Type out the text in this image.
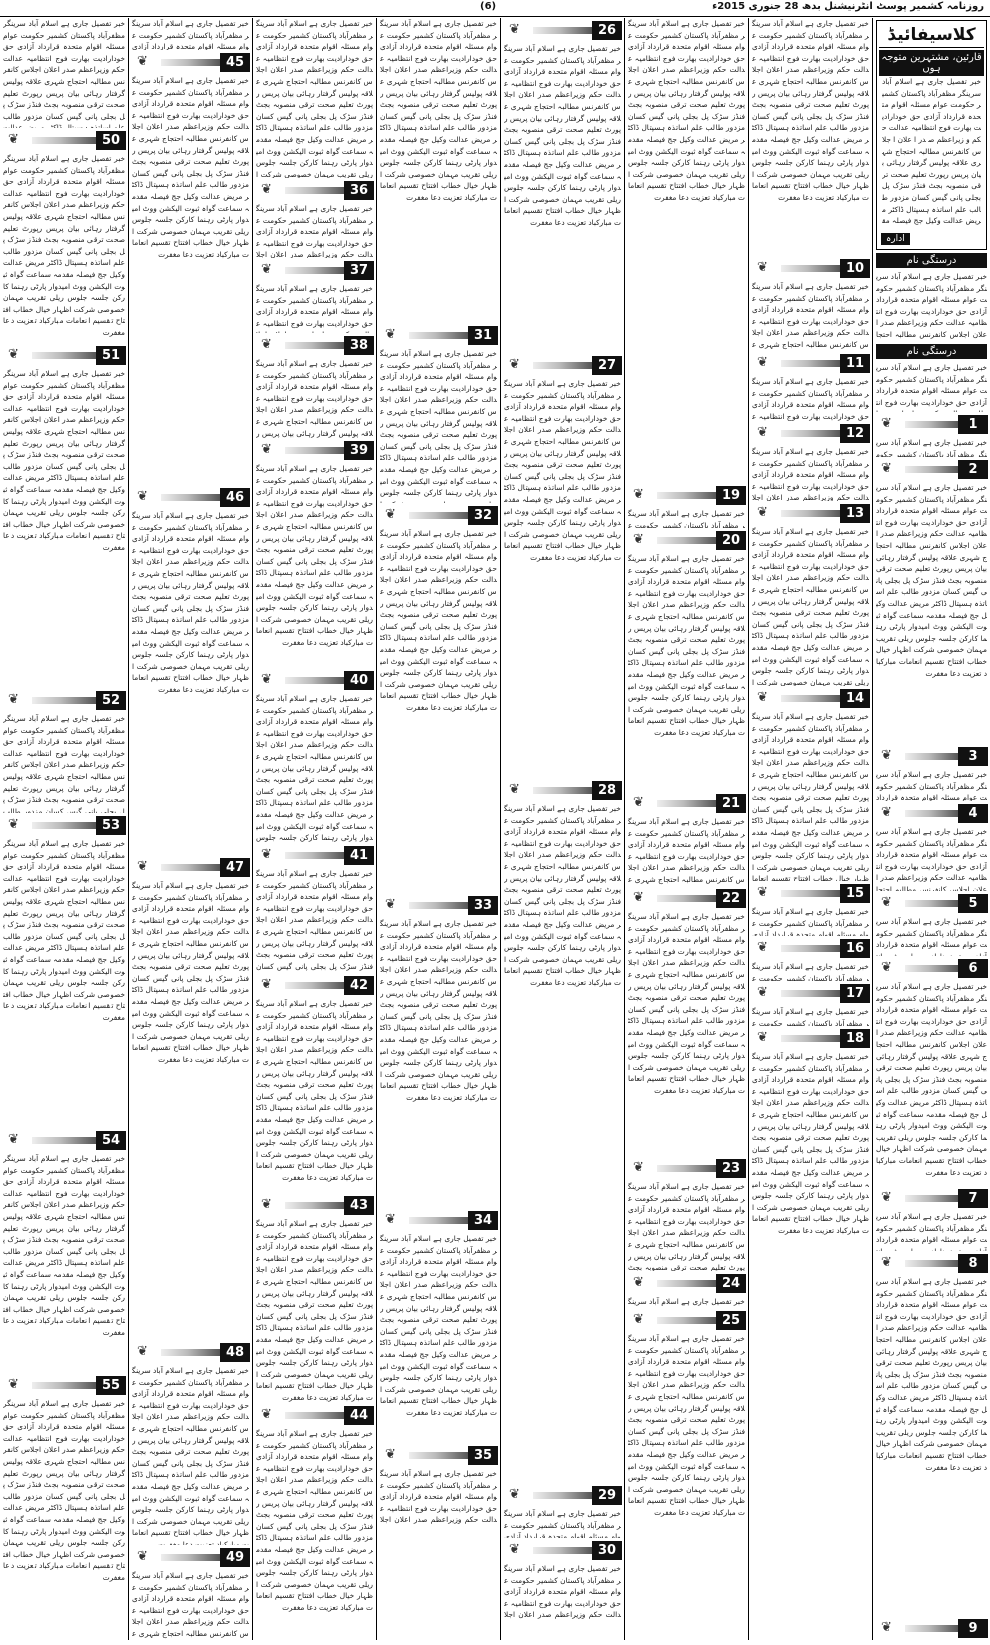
روزنامہ کشمیر پوسٹ انٹرنیشنل بدھ 28 جنوری 2015ء
(6)
کلاسیفائیڈ
قارئین، مشتہرین متوجہ ہوں
خبر تفصیل جاری ہے اسلام آباد سرینگر مظفرآباد پاکستان کشمیر حکومت عوام مسئلہ اقوام متحدہ قرارداد آزادی حق خودارادیت بھارت فوج انتظامیہ عدالت حکم وزیراعظم صدر اعلان اجلاس کانفرنس مطالبہ احتجاج شہری علاقہ پولیس گرفتار رہائی بیان پریس رپورٹ تعلیم صحت ترقی منصوبہ بجٹ فنڈز سڑک پل بجلی پانی گیس کسان مزدور طالب علم اساتذہ ہسپتال ڈاکٹر مریض عدالت وکیل جج فیصلہ مقدمہ سماعت گواہ ثبوت الیکشن ووٹ امیدوار پارٹی رہنما کارکن جلسہ جلوس ریلی تقریب مہمان خصوصی شرکت اظہار خیال خطاب افتتاح تقسیم انعامات مبارکباد تعزیت دعا مغفرت
ادارہ
درستگی نام
خبر تفصیل جاری ہے اسلام آباد سرینگر مظفرآباد پاکستان کشمیر حکومت عوام مسئلہ اقوام متحدہ قرارداد آزادی حق خودارادیت بھارت فوج انتظامیہ عدالت حکم وزیراعظم صدر اعلان اجلاس کانفرنس مطالبہ احتجاج شہری علاقہ پولیس گرفتار رہائی بیان پریس رپورٹ تعلیم صحت ترقی منصوبہ بجٹ فنڈز سڑک پل بجلی پانی گیس کسان مزدور طالب علم اساتذہ ہسپتال ڈاکٹر مریض عدالت وکیل جج فیصلہ مقدمہ سماعت گواہ ثبوت الیکشن ووٹ امیدوار پارٹی رہنما کارکن جلسہ جلوس ریلی تقریب مہمان خصوصی شرکت اظہار خیال خطاب افتتاح تقسیم انعامات مبارکباد تعزیت دعا مغفرت
درستگی نام
خبر تفصیل جاری ہے اسلام آباد سرینگر مظفرآباد پاکستان کشمیر حکومت عوام مسئلہ اقوام متحدہ قرارداد آزادی حق خودارادیت بھارت فوج انتظامیہ عدالت حکم وزیراعظم صدر اعلان اجلاس کانفرنس مطالبہ احتجاج شہری علاقہ پولیس گرفتار رہائی بیان پریس رپورٹ تعلیم صحت ترقی منصوبہ بجٹ فنڈز سڑک پل بجلی پانی گیس کسان مزدور طالب علم اساتذہ ہسپتال ڈاکٹر مریض عدالت وکیل جج فیصلہ مقدمہ سماعت گواہ ثبوت الیکشن ووٹ امیدوار پارٹی رہنما کارکن جلسہ جلوس ریلی تقریب مہمان خصوصی شرکت اظہار خیال خطاب افتتاح تقسیم انعامات مبارکباد تعزیت دعا مغفرت
1
❦
خبر تفصیل جاری ہے اسلام آباد سرینگر مظفرآباد پاکستان کشمیر حکومت عوام مسئلہ اقوام متحدہ قرارداد آزادی حق خودارادیت بھارت فوج انتظامیہ عدالت حکم وزیراعظم صدر اعلان اجلاس کانفرنس مطالبہ احتجاج شہری علاقہ پولیس گرفتار رہائی بیان پریس رپورٹ تعلیم صحت ترقی منصوبہ بجٹ فنڈز سڑک پل بجلی پانی گیس کسان مزدور طالب علم اساتذہ ہسپتال ڈاکٹر مریض عدالت وکیل جج فیصلہ مقدمہ سماعت گواہ ثبوت الیکشن ووٹ امیدوار پارٹی رہنما کارکن جلسہ جلوس ریلی تقریب مہمان خصوصی شرکت اظہار خیال خطاب افتتاح تقسیم انعامات مبارکباد تعزیت دعا مغفرت
2
❦
خبر تفصیل جاری ہے اسلام آباد سرینگر مظفرآباد پاکستان کشمیر حکومت عوام مسئلہ اقوام متحدہ قرارداد آزادی حق خودارادیت بھارت فوج انتظامیہ عدالت حکم وزیراعظم صدر اعلان اجلاس کانفرنس مطالبہ احتجاج شہری علاقہ پولیس گرفتار رہائی بیان پریس رپورٹ تعلیم صحت ترقی منصوبہ بجٹ فنڈز سڑک پل بجلی پانی گیس کسان مزدور طالب علم اساتذہ ہسپتال ڈاکٹر مریض عدالت وکیل جج فیصلہ مقدمہ سماعت گواہ ثبوت الیکشن ووٹ امیدوار پارٹی رہنما کارکن جلسہ جلوس ریلی تقریب مہمان خصوصی شرکت اظہار خیال خطاب افتتاح تقسیم انعامات مبارکباد تعزیت دعا مغفرت
3
❦
خبر تفصیل جاری ہے اسلام آباد سرینگر مظفرآباد پاکستان کشمیر حکومت عوام مسئلہ اقوام متحدہ قرارداد آزادی حق خودارادیت بھارت فوج انتظامیہ عدالت حکم وزیراعظم صدر اعلان اجلاس کانفرنس مطالبہ احتجاج شہری علاقہ پولیس گرفتار رہائی بیان پریس رپورٹ تعلیم صحت ترقی منصوبہ بجٹ فنڈز سڑک پل بجلی پانی گیس کسان مزدور طالب علم اساتذہ ہسپتال ڈاکٹر مریض عدالت وکیل جج فیصلہ مقدمہ سماعت گواہ ثبوت الیکشن ووٹ امیدوار پارٹی رہنما کارکن جلسہ جلوس ریلی تقریب مہمان خصوصی شرکت اظہار خیال خطاب افتتاح تقسیم انعامات مبارکباد تعزیت دعا مغفرت
4
❦
خبر تفصیل جاری ہے اسلام آباد سرینگر مظفرآباد پاکستان کشمیر حکومت عوام مسئلہ اقوام متحدہ قرارداد آزادی حق خودارادیت بھارت فوج انتظامیہ عدالت حکم وزیراعظم صدر اعلان اجلاس کانفرنس مطالبہ احتجاج شہری علاقہ پولیس گرفتار رہائی بیان پریس رپورٹ تعلیم صحت ترقی منصوبہ بجٹ فنڈز سڑک پل بجلی پانی گیس کسان مزدور طالب علم اساتذہ ہسپتال ڈاکٹر مریض عدالت وکیل جج فیصلہ مقدمہ سماعت گواہ ثبوت الیکشن ووٹ امیدوار پارٹی رہنما کارکن جلسہ جلوس ریلی تقریب مہمان خصوصی شرکت اظہار خیال خطاب افتتاح تقسیم انعامات مبارکباد تعزیت دعا مغفرت
5
❦
خبر تفصیل جاری ہے اسلام آباد سرینگر مظفرآباد پاکستان کشمیر حکومت عوام مسئلہ اقوام متحدہ قرارداد آزادی حق خودارادیت بھارت فوج انتظامیہ عدالت حکم وزیراعظم صدر اعلان اجلاس کانفرنس مطالبہ احتجاج شہری علاقہ پولیس گرفتار رہائی بیان پریس رپورٹ تعلیم صحت ترقی منصوبہ بجٹ فنڈز سڑک پل بجلی پانی گیس کسان مزدور طالب علم اساتذہ ہسپتال ڈاکٹر مریض عدالت وکیل جج فیصلہ مقدمہ سماعت گواہ ثبوت الیکشن ووٹ امیدوار پارٹی رہنما کارکن جلسہ جلوس ریلی تقریب مہمان خصوصی شرکت اظہار خیال خطاب افتتاح تقسیم انعامات مبارکباد تعزیت دعا مغفرت
6
❦
خبر تفصیل جاری ہے اسلام آباد سرینگر مظفرآباد پاکستان کشمیر حکومت عوام مسئلہ اقوام متحدہ قرارداد آزادی حق خودارادیت بھارت فوج انتظامیہ عدالت حکم وزیراعظم صدر اعلان اجلاس کانفرنس مطالبہ احتجاج شہری علاقہ پولیس گرفتار رہائی بیان پریس رپورٹ تعلیم صحت ترقی منصوبہ بجٹ فنڈز سڑک پل بجلی پانی گیس کسان مزدور طالب علم اساتذہ ہسپتال ڈاکٹر مریض عدالت وکیل جج فیصلہ مقدمہ سماعت گواہ ثبوت الیکشن ووٹ امیدوار پارٹی رہنما کارکن جلسہ جلوس ریلی تقریب مہمان خصوصی شرکت اظہار خیال خطاب افتتاح تقسیم انعامات مبارکباد تعزیت دعا مغفرت
7
❦
خبر تفصیل جاری ہے اسلام آباد سرینگر مظفرآباد پاکستان کشمیر حکومت عوام مسئلہ اقوام متحدہ قرارداد آزادی حق خودارادیت بھارت فوج انتظامیہ عدالت حکم وزیراعظم صدر اعلان اجلاس کانفرنس مطالبہ احتجاج شہری علاقہ پولیس گرفتار رہائی بیان پریس رپورٹ تعلیم صحت ترقی منصوبہ بجٹ فنڈز سڑک پل بجلی پانی گیس کسان مزدور طالب علم اساتذہ ہسپتال ڈاکٹر مریض عدالت وکیل جج فیصلہ مقدمہ سماعت گواہ ثبوت الیکشن ووٹ امیدوار پارٹی رہنما کارکن جلسہ جلوس ریلی تقریب مہمان خصوصی شرکت اظہار خیال خطاب افتتاح تقسیم انعامات مبارکباد تعزیت دعا مغفرت
8
❦
خبر تفصیل جاری ہے اسلام آباد سرینگر مظفرآباد پاکستان کشمیر حکومت عوام مسئلہ اقوام متحدہ قرارداد آزادی حق خودارادیت بھارت فوج انتظامیہ عدالت حکم وزیراعظم صدر اعلان اجلاس کانفرنس مطالبہ احتجاج شہری علاقہ پولیس گرفتار رہائی بیان پریس رپورٹ تعلیم صحت ترقی منصوبہ بجٹ فنڈز سڑک پل بجلی پانی گیس کسان مزدور طالب علم اساتذہ ہسپتال ڈاکٹر مریض عدالت وکیل جج فیصلہ مقدمہ سماعت گواہ ثبوت الیکشن ووٹ امیدوار پارٹی رہنما کارکن جلسہ جلوس ریلی تقریب مہمان خصوصی شرکت اظہار خیال خطاب افتتاح تقسیم انعامات مبارکباد تعزیت دعا مغفرت
9
❦
خبر تفصیل جاری ہے اسلام آباد سرینگر مظفرآباد پاکستان کشمیر حکومت عوام مسئلہ اقوام متحدہ قرارداد آزادی حق خودارادیت بھارت فوج انتظامیہ عدالت حکم وزیراعظم صدر اعلان اجلاس کانفرنس مطالبہ احتجاج شہری علاقہ پولیس گرفتار رہائی بیان پریس رپورٹ تعلیم صحت ترقی منصوبہ بجٹ فنڈز سڑک پل بجلی پانی گیس کسان مزدور طالب علم اساتذہ ہسپتال ڈاکٹر مریض عدالت وکیل جج فیصلہ مقدمہ سماعت گواہ ثبوت الیکشن ووٹ امیدوار پارٹی رہنما کارکن جلسہ جلوس ریلی تقریب مہمان خصوصی شرکت اظہار خیال خطاب افتتاح تقسیم انعامات مبارکباد تعزیت دعا مغفرت
10
❦
خبر تفصیل جاری ہے اسلام آباد سرینگر مظفرآباد پاکستان کشمیر حکومت عوام مسئلہ اقوام متحدہ قرارداد آزادی حق خودارادیت بھارت فوج انتظامیہ عدالت حکم وزیراعظم صدر اعلان اجلاس کانفرنس مطالبہ احتجاج شہری علاقہ پولیس گرفتار رہائی بیان پریس رپورٹ تعلیم صحت ترقی منصوبہ بجٹ فنڈز سڑک پل بجلی پانی گیس کسان مزدور طالب علم اساتذہ ہسپتال ڈاکٹر مریض عدالت وکیل جج فیصلہ مقدمہ سماعت گواہ ثبوت الیکشن ووٹ امیدوار پارٹی رہنما کارکن جلسہ جلوس ریلی تقریب مہمان خصوصی شرکت اظہار خیال خطاب افتتاح تقسیم انعامات مبارکباد تعزیت دعا مغفرت
11
❦
خبر تفصیل جاری ہے اسلام آباد سرینگر مظفرآباد پاکستان کشمیر حکومت عوام مسئلہ اقوام متحدہ قرارداد آزادی حق خودارادیت بھارت فوج انتظامیہ عدالت حکم وزیراعظم صدر اعلان اجلاس کانفرنس مطالبہ احتجاج شہری علاقہ پولیس گرفتار رہائی بیان پریس رپورٹ تعلیم صحت ترقی منصوبہ بجٹ فنڈز سڑک پل بجلی پانی گیس کسان مزدور طالب علم اساتذہ ہسپتال ڈاکٹر مریض عدالت وکیل جج فیصلہ مقدمہ سماعت گواہ ثبوت الیکشن ووٹ امیدوار پارٹی رہنما کارکن جلسہ جلوس ریلی تقریب مہمان خصوصی شرکت اظہار خیال خطاب افتتاح تقسیم انعامات مبارکباد تعزیت دعا مغفرت
12
❦
خبر تفصیل جاری ہے اسلام آباد سرینگر مظفرآباد پاکستان کشمیر حکومت عوام مسئلہ اقوام متحدہ قرارداد آزادی حق خودارادیت بھارت فوج انتظامیہ عدالت حکم وزیراعظم صدر اعلان اجلاس کانفرنس مطالبہ احتجاج شہری علاقہ پولیس گرفتار رہائی بیان پریس رپورٹ تعلیم صحت ترقی منصوبہ بجٹ فنڈز سڑک پل بجلی پانی گیس کسان مزدور طالب علم اساتذہ ہسپتال ڈاکٹر مریض عدالت وکیل جج فیصلہ مقدمہ سماعت گواہ ثبوت الیکشن ووٹ امیدوار پارٹی رہنما کارکن جلسہ جلوس ریلی تقریب مہمان خصوصی شرکت اظہار خیال خطاب افتتاح تقسیم انعامات مبارکباد تعزیت دعا مغفرت
13
❦
خبر تفصیل جاری ہے اسلام آباد سرینگر مظفرآباد پاکستان کشمیر حکومت عوام مسئلہ اقوام متحدہ قرارداد آزادی حق خودارادیت بھارت فوج انتظامیہ عدالت حکم وزیراعظم صدر اعلان اجلاس کانفرنس مطالبہ احتجاج شہری علاقہ پولیس گرفتار رہائی بیان پریس رپورٹ تعلیم صحت ترقی منصوبہ بجٹ فنڈز سڑک پل بجلی پانی گیس کسان مزدور طالب علم اساتذہ ہسپتال ڈاکٹر مریض عدالت وکیل جج فیصلہ مقدمہ سماعت گواہ ثبوت الیکشن ووٹ امیدوار پارٹی رہنما کارکن جلسہ جلوس ریلی تقریب مہمان خصوصی شرکت اظہار خیال خطاب افتتاح تقسیم انعامات مبارکباد تعزیت دعا مغفرت
14
❦
خبر تفصیل جاری ہے اسلام آباد سرینگر مظفرآباد پاکستان کشمیر حکومت عوام مسئلہ اقوام متحدہ قرارداد آزادی حق خودارادیت بھارت فوج انتظامیہ عدالت حکم وزیراعظم صدر اعلان اجلاس کانفرنس مطالبہ احتجاج شہری علاقہ پولیس گرفتار رہائی بیان پریس رپورٹ تعلیم صحت ترقی منصوبہ بجٹ فنڈز سڑک پل بجلی پانی گیس کسان مزدور طالب علم اساتذہ ہسپتال ڈاکٹر مریض عدالت وکیل جج فیصلہ مقدمہ سماعت گواہ ثبوت الیکشن ووٹ امیدوار پارٹی رہنما کارکن جلسہ جلوس ریلی تقریب مہمان خصوصی شرکت اظہار خیال خطاب افتتاح تقسیم انعامات مبارکباد تعزیت دعا مغفرت
15
❦
خبر تفصیل جاری ہے اسلام آباد سرینگر مظفرآباد پاکستان کشمیر حکومت عوام مسئلہ اقوام متحدہ قرارداد آزادی حق خودارادیت بھارت فوج انتظامیہ عدالت حکم وزیراعظم صدر اعلان اجلاس کانفرنس مطالبہ احتجاج شہری علاقہ پولیس گرفتار رہائی بیان پریس رپورٹ تعلیم صحت ترقی منصوبہ بجٹ فنڈز سڑک پل بجلی پانی گیس کسان مزدور طالب علم اساتذہ ہسپتال ڈاکٹر مریض عدالت وکیل جج فیصلہ مقدمہ سماعت گواہ ثبوت الیکشن ووٹ امیدوار پارٹی رہنما کارکن جلسہ جلوس ریلی تقریب مہمان خصوصی شرکت اظہار خیال خطاب افتتاح تقسیم انعامات مبارکباد تعزیت دعا مغفرت
16
❦
خبر تفصیل جاری ہے اسلام آباد سرینگر مظفرآباد پاکستان کشمیر حکومت عوام مسئلہ اقوام متحدہ قرارداد آزادی حق خودارادیت بھارت فوج انتظامیہ عدالت حکم وزیراعظم صدر اعلان اجلاس کانفرنس مطالبہ احتجاج شہری علاقہ پولیس گرفتار رہائی بیان پریس رپورٹ تعلیم صحت ترقی منصوبہ بجٹ فنڈز سڑک پل بجلی پانی گیس کسان مزدور طالب علم اساتذہ ہسپتال ڈاکٹر مریض عدالت وکیل جج فیصلہ مقدمہ سماعت گواہ ثبوت الیکشن ووٹ امیدوار پارٹی رہنما کارکن جلسہ جلوس ریلی تقریب مہمان خصوصی شرکت اظہار خیال خطاب افتتاح تقسیم انعامات مبارکباد تعزیت دعا مغفرت
17
❦
خبر تفصیل جاری ہے اسلام آباد سرینگر مظفرآباد پاکستان کشمیر حکومت عوام مسئلہ اقوام متحدہ قرارداد آزادی حق خودارادیت بھارت فوج انتظامیہ عدالت حکم وزیراعظم صدر اعلان اجلاس کانفرنس مطالبہ احتجاج شہری علاقہ پولیس گرفتار رہائی بیان پریس رپورٹ تعلیم صحت ترقی منصوبہ بجٹ فنڈز سڑک پل بجلی پانی گیس کسان مزدور طالب علم اساتذہ ہسپتال ڈاکٹر مریض عدالت وکیل جج فیصلہ مقدمہ سماعت گواہ ثبوت الیکشن ووٹ امیدوار پارٹی رہنما کارکن جلسہ جلوس ریلی تقریب مہمان خصوصی شرکت اظہار خیال خطاب افتتاح تقسیم انعامات مبارکباد تعزیت دعا مغفرت
18
❦
خبر تفصیل جاری ہے اسلام آباد سرینگر مظفرآباد پاکستان کشمیر حکومت عوام مسئلہ اقوام متحدہ قرارداد آزادی حق خودارادیت بھارت فوج انتظامیہ عدالت حکم وزیراعظم صدر اعلان اجلاس کانفرنس مطالبہ احتجاج شہری علاقہ پولیس گرفتار رہائی بیان پریس رپورٹ تعلیم صحت ترقی منصوبہ بجٹ فنڈز سڑک پل بجلی پانی گیس کسان مزدور طالب علم اساتذہ ہسپتال ڈاکٹر مریض عدالت وکیل جج فیصلہ مقدمہ سماعت گواہ ثبوت الیکشن ووٹ امیدوار پارٹی رہنما کارکن جلسہ جلوس ریلی تقریب مہمان خصوصی شرکت اظہار خیال خطاب افتتاح تقسیم انعامات مبارکباد تعزیت دعا مغفرت
خبر تفصیل جاری ہے اسلام آباد سرینگر مظفرآباد پاکستان کشمیر حکومت عوام مسئلہ اقوام متحدہ قرارداد آزادی حق خودارادیت بھارت فوج انتظامیہ عدالت حکم وزیراعظم صدر اعلان اجلاس کانفرنس مطالبہ احتجاج شہری علاقہ پولیس گرفتار رہائی بیان پریس رپورٹ تعلیم صحت ترقی منصوبہ بجٹ فنڈز سڑک پل بجلی پانی گیس کسان مزدور طالب علم اساتذہ ہسپتال ڈاکٹر مریض عدالت وکیل جج فیصلہ مقدمہ سماعت گواہ ثبوت الیکشن ووٹ امیدوار پارٹی رہنما کارکن جلسہ جلوس ریلی تقریب مہمان خصوصی شرکت اظہار خیال خطاب افتتاح تقسیم انعامات مبارکباد تعزیت دعا مغفرت
19
❦
خبر تفصیل جاری ہے اسلام آباد سرینگر مظفرآباد پاکستان کشمیر حکومت عوام مسئلہ اقوام متحدہ قرارداد آزادی حق خودارادیت بھارت فوج انتظامیہ عدالت حکم وزیراعظم صدر اعلان اجلاس کانفرنس مطالبہ احتجاج شہری علاقہ پولیس گرفتار رہائی بیان پریس رپورٹ تعلیم صحت ترقی منصوبہ بجٹ فنڈز سڑک پل بجلی پانی گیس کسان مزدور طالب علم اساتذہ ہسپتال ڈاکٹر مریض عدالت وکیل جج فیصلہ مقدمہ سماعت گواہ ثبوت الیکشن ووٹ امیدوار پارٹی رہنما کارکن جلسہ جلوس ریلی تقریب مہمان خصوصی شرکت اظہار خیال خطاب افتتاح تقسیم انعامات مبارکباد تعزیت دعا مغفرت
20
❦
خبر تفصیل جاری ہے اسلام آباد سرینگر مظفرآباد پاکستان کشمیر حکومت عوام مسئلہ اقوام متحدہ قرارداد آزادی حق خودارادیت بھارت فوج انتظامیہ عدالت حکم وزیراعظم صدر اعلان اجلاس کانفرنس مطالبہ احتجاج شہری علاقہ پولیس گرفتار رہائی بیان پریس رپورٹ تعلیم صحت ترقی منصوبہ بجٹ فنڈز سڑک پل بجلی پانی گیس کسان مزدور طالب علم اساتذہ ہسپتال ڈاکٹر مریض عدالت وکیل جج فیصلہ مقدمہ سماعت گواہ ثبوت الیکشن ووٹ امیدوار پارٹی رہنما کارکن جلسہ جلوس ریلی تقریب مہمان خصوصی شرکت اظہار خیال خطاب افتتاح تقسیم انعامات مبارکباد تعزیت دعا مغفرت
21
❦
خبر تفصیل جاری ہے اسلام آباد سرینگر مظفرآباد پاکستان کشمیر حکومت عوام مسئلہ اقوام متحدہ قرارداد آزادی حق خودارادیت بھارت فوج انتظامیہ عدالت حکم وزیراعظم صدر اعلان اجلاس کانفرنس مطالبہ احتجاج شہری علاقہ پولیس گرفتار رہائی بیان پریس رپورٹ تعلیم صحت ترقی منصوبہ بجٹ فنڈز سڑک پل بجلی پانی گیس کسان مزدور طالب علم اساتذہ ہسپتال ڈاکٹر مریض عدالت وکیل جج فیصلہ مقدمہ سماعت گواہ ثبوت الیکشن ووٹ امیدوار پارٹی رہنما کارکن جلسہ جلوس ریلی تقریب مہمان خصوصی شرکت اظہار خیال خطاب افتتاح تقسیم انعامات مبارکباد تعزیت دعا مغفرت
22
❦
خبر تفصیل جاری ہے اسلام آباد سرینگر مظفرآباد پاکستان کشمیر حکومت عوام مسئلہ اقوام متحدہ قرارداد آزادی حق خودارادیت بھارت فوج انتظامیہ عدالت حکم وزیراعظم صدر اعلان اجلاس کانفرنس مطالبہ احتجاج شہری علاقہ پولیس گرفتار رہائی بیان پریس رپورٹ تعلیم صحت ترقی منصوبہ بجٹ فنڈز سڑک پل بجلی پانی گیس کسان مزدور طالب علم اساتذہ ہسپتال ڈاکٹر مریض عدالت وکیل جج فیصلہ مقدمہ سماعت گواہ ثبوت الیکشن ووٹ امیدوار پارٹی رہنما کارکن جلسہ جلوس ریلی تقریب مہمان خصوصی شرکت اظہار خیال خطاب افتتاح تقسیم انعامات مبارکباد تعزیت دعا مغفرت
23
❦
خبر تفصیل جاری ہے اسلام آباد سرینگر مظفرآباد پاکستان کشمیر حکومت عوام مسئلہ اقوام متحدہ قرارداد آزادی حق خودارادیت بھارت فوج انتظامیہ عدالت حکم وزیراعظم صدر اعلان اجلاس کانفرنس مطالبہ احتجاج شہری علاقہ پولیس گرفتار رہائی بیان پریس رپورٹ تعلیم صحت ترقی منصوبہ بجٹ فنڈز سڑک پل بجلی پانی گیس کسان مزدور طالب علم اساتذہ ہسپتال ڈاکٹر مریض عدالت وکیل جج فیصلہ مقدمہ سماعت گواہ ثبوت الیکشن ووٹ امیدوار پارٹی رہنما کارکن جلسہ جلوس ریلی تقریب مہمان خصوصی شرکت اظہار خیال خطاب افتتاح تقسیم انعامات مبارکباد تعزیت دعا مغفرت
24
❦
خبر تفصیل جاری ہے اسلام آباد سرینگر مظفرآباد پاکستان کشمیر حکومت عوام مسئلہ اقوام متحدہ قرارداد آزادی حق خودارادیت بھارت فوج انتظامیہ عدالت حکم وزیراعظم صدر اعلان اجلاس کانفرنس مطالبہ احتجاج شہری علاقہ پولیس گرفتار رہائی بیان پریس رپورٹ تعلیم صحت ترقی منصوبہ بجٹ فنڈز سڑک پل بجلی پانی گیس کسان مزدور طالب علم اساتذہ ہسپتال ڈاکٹر مریض عدالت وکیل جج فیصلہ مقدمہ سماعت گواہ ثبوت الیکشن ووٹ امیدوار پارٹی رہنما کارکن جلسہ جلوس ریلی تقریب مہمان خصوصی شرکت اظہار خیال خطاب افتتاح تقسیم انعامات مبارکباد تعزیت دعا مغفرت
25
❦
خبر تفصیل جاری ہے اسلام آباد سرینگر مظفرآباد پاکستان کشمیر حکومت عوام مسئلہ اقوام متحدہ قرارداد آزادی حق خودارادیت بھارت فوج انتظامیہ عدالت حکم وزیراعظم صدر اعلان اجلاس کانفرنس مطالبہ احتجاج شہری علاقہ پولیس گرفتار رہائی بیان پریس رپورٹ تعلیم صحت ترقی منصوبہ بجٹ فنڈز سڑک پل بجلی پانی گیس کسان مزدور طالب علم اساتذہ ہسپتال ڈاکٹر مریض عدالت وکیل جج فیصلہ مقدمہ سماعت گواہ ثبوت الیکشن ووٹ امیدوار پارٹی رہنما کارکن جلسہ جلوس ریلی تقریب مہمان خصوصی شرکت اظہار خیال خطاب افتتاح تقسیم انعامات مبارکباد تعزیت دعا مغفرت
26
❦
خبر تفصیل جاری ہے اسلام آباد سرینگر مظفرآباد پاکستان کشمیر حکومت عوام مسئلہ اقوام متحدہ قرارداد آزادی حق خودارادیت بھارت فوج انتظامیہ عدالت حکم وزیراعظم صدر اعلان اجلاس کانفرنس مطالبہ احتجاج شہری علاقہ پولیس گرفتار رہائی بیان پریس رپورٹ تعلیم صحت ترقی منصوبہ بجٹ فنڈز سڑک پل بجلی پانی گیس کسان مزدور طالب علم اساتذہ ہسپتال ڈاکٹر مریض عدالت وکیل جج فیصلہ مقدمہ سماعت گواہ ثبوت الیکشن ووٹ امیدوار پارٹی رہنما کارکن جلسہ جلوس ریلی تقریب مہمان خصوصی شرکت اظہار خیال خطاب افتتاح تقسیم انعامات مبارکباد تعزیت دعا مغفرت
27
❦
خبر تفصیل جاری ہے اسلام آباد سرینگر مظفرآباد پاکستان کشمیر حکومت عوام مسئلہ اقوام متحدہ قرارداد آزادی حق خودارادیت بھارت فوج انتظامیہ عدالت حکم وزیراعظم صدر اعلان اجلاس کانفرنس مطالبہ احتجاج شہری علاقہ پولیس گرفتار رہائی بیان پریس رپورٹ تعلیم صحت ترقی منصوبہ بجٹ فنڈز سڑک پل بجلی پانی گیس کسان مزدور طالب علم اساتذہ ہسپتال ڈاکٹر مریض عدالت وکیل جج فیصلہ مقدمہ سماعت گواہ ثبوت الیکشن ووٹ امیدوار پارٹی رہنما کارکن جلسہ جلوس ریلی تقریب مہمان خصوصی شرکت اظہار خیال خطاب افتتاح تقسیم انعامات مبارکباد تعزیت دعا مغفرت
28
❦
خبر تفصیل جاری ہے اسلام آباد سرینگر مظفرآباد پاکستان کشمیر حکومت عوام مسئلہ اقوام متحدہ قرارداد آزادی حق خودارادیت بھارت فوج انتظامیہ عدالت حکم وزیراعظم صدر اعلان اجلاس کانفرنس مطالبہ احتجاج شہری علاقہ پولیس گرفتار رہائی بیان پریس رپورٹ تعلیم صحت ترقی منصوبہ بجٹ فنڈز سڑک پل بجلی پانی گیس کسان مزدور طالب علم اساتذہ ہسپتال ڈاکٹر مریض عدالت وکیل جج فیصلہ مقدمہ سماعت گواہ ثبوت الیکشن ووٹ امیدوار پارٹی رہنما کارکن جلسہ جلوس ریلی تقریب مہمان خصوصی شرکت اظہار خیال خطاب افتتاح تقسیم انعامات مبارکباد تعزیت دعا مغفرت
29
❦
خبر تفصیل جاری ہے اسلام آباد سرینگر مظفرآباد پاکستان کشمیر حکومت عوام مسئلہ اقوام متحدہ قرارداد آزادی حق خودارادیت بھارت فوج انتظامیہ عدالت حکم وزیراعظم صدر اعلان اجلاس کانفرنس مطالبہ احتجاج شہری علاقہ پولیس گرفتار رہائی بیان پریس رپورٹ تعلیم صحت ترقی منصوبہ بجٹ فنڈز سڑک پل بجلی پانی گیس کسان مزدور طالب علم اساتذہ ہسپتال ڈاکٹر مریض عدالت وکیل جج فیصلہ مقدمہ سماعت گواہ ثبوت الیکشن ووٹ امیدوار پارٹی رہنما کارکن جلسہ جلوس ریلی تقریب مہمان خصوصی شرکت اظہار خیال خطاب افتتاح تقسیم انعامات مبارکباد تعزیت دعا مغفرت
30
❦
خبر تفصیل جاری ہے اسلام آباد سرینگر مظفرآباد پاکستان کشمیر حکومت عوام مسئلہ اقوام متحدہ قرارداد آزادی حق خودارادیت بھارت فوج انتظامیہ عدالت حکم وزیراعظم صدر اعلان اجلاس کانفرنس مطالبہ احتجاج شہری علاقہ پولیس گرفتار رہائی بیان پریس رپورٹ تعلیم صحت ترقی منصوبہ بجٹ فنڈز سڑک پل بجلی پانی گیس کسان مزدور طالب علم اساتذہ ہسپتال ڈاکٹر مریض عدالت وکیل جج فیصلہ مقدمہ سماعت گواہ ثبوت الیکشن ووٹ امیدوار پارٹی رہنما کارکن جلسہ جلوس ریلی تقریب مہمان خصوصی شرکت اظہار خیال خطاب افتتاح تقسیم انعامات مبارکباد تعزیت دعا مغفرت
خبر تفصیل جاری ہے اسلام آباد سرینگر مظفرآباد پاکستان کشمیر حکومت عوام مسئلہ اقوام متحدہ قرارداد آزادی حق خودارادیت بھارت فوج انتظامیہ عدالت حکم وزیراعظم صدر اعلان اجلاس کانفرنس مطالبہ احتجاج شہری علاقہ پولیس گرفتار رہائی بیان پریس رپورٹ تعلیم صحت ترقی منصوبہ بجٹ فنڈز سڑک پل بجلی پانی گیس کسان مزدور طالب علم اساتذہ ہسپتال ڈاکٹر مریض عدالت وکیل جج فیصلہ مقدمہ سماعت گواہ ثبوت الیکشن ووٹ امیدوار پارٹی رہنما کارکن جلسہ جلوس ریلی تقریب مہمان خصوصی شرکت اظہار خیال خطاب افتتاح تقسیم انعامات مبارکباد تعزیت دعا مغفرت
31
❦
خبر تفصیل جاری ہے اسلام آباد سرینگر مظفرآباد پاکستان کشمیر حکومت عوام مسئلہ اقوام متحدہ قرارداد آزادی حق خودارادیت بھارت فوج انتظامیہ عدالت حکم وزیراعظم صدر اعلان اجلاس کانفرنس مطالبہ احتجاج شہری علاقہ پولیس گرفتار رہائی بیان پریس رپورٹ تعلیم صحت ترقی منصوبہ بجٹ فنڈز سڑک پل بجلی پانی گیس کسان مزدور طالب علم اساتذہ ہسپتال ڈاکٹر مریض عدالت وکیل جج فیصلہ مقدمہ سماعت گواہ ثبوت الیکشن ووٹ امیدوار پارٹی رہنما کارکن جلسہ جلوس ریلی تقریب مہمان خصوصی شرکت اظہار خیال خطاب افتتاح تقسیم انعامات مبارکباد تعزیت دعا مغفرت
32
❦
خبر تفصیل جاری ہے اسلام آباد سرینگر مظفرآباد پاکستان کشمیر حکومت عوام مسئلہ اقوام متحدہ قرارداد آزادی حق خودارادیت بھارت فوج انتظامیہ عدالت حکم وزیراعظم صدر اعلان اجلاس کانفرنس مطالبہ احتجاج شہری علاقہ پولیس گرفتار رہائی بیان پریس رپورٹ تعلیم صحت ترقی منصوبہ بجٹ فنڈز سڑک پل بجلی پانی گیس کسان مزدور طالب علم اساتذہ ہسپتال ڈاکٹر مریض عدالت وکیل جج فیصلہ مقدمہ سماعت گواہ ثبوت الیکشن ووٹ امیدوار پارٹی رہنما کارکن جلسہ جلوس ریلی تقریب مہمان خصوصی شرکت اظہار خیال خطاب افتتاح تقسیم انعامات مبارکباد تعزیت دعا مغفرت
33
❦
خبر تفصیل جاری ہے اسلام آباد سرینگر مظفرآباد پاکستان کشمیر حکومت عوام مسئلہ اقوام متحدہ قرارداد آزادی حق خودارادیت بھارت فوج انتظامیہ عدالت حکم وزیراعظم صدر اعلان اجلاس کانفرنس مطالبہ احتجاج شہری علاقہ پولیس گرفتار رہائی بیان پریس رپورٹ تعلیم صحت ترقی منصوبہ بجٹ فنڈز سڑک پل بجلی پانی گیس کسان مزدور طالب علم اساتذہ ہسپتال ڈاکٹر مریض عدالت وکیل جج فیصلہ مقدمہ سماعت گواہ ثبوت الیکشن ووٹ امیدوار پارٹی رہنما کارکن جلسہ جلوس ریلی تقریب مہمان خصوصی شرکت اظہار خیال خطاب افتتاح تقسیم انعامات مبارکباد تعزیت دعا مغفرت
34
❦
خبر تفصیل جاری ہے اسلام آباد سرینگر مظفرآباد پاکستان کشمیر حکومت عوام مسئلہ اقوام متحدہ قرارداد آزادی حق خودارادیت بھارت فوج انتظامیہ عدالت حکم وزیراعظم صدر اعلان اجلاس کانفرنس مطالبہ احتجاج شہری علاقہ پولیس گرفتار رہائی بیان پریس رپورٹ تعلیم صحت ترقی منصوبہ بجٹ فنڈز سڑک پل بجلی پانی گیس کسان مزدور طالب علم اساتذہ ہسپتال ڈاکٹر مریض عدالت وکیل جج فیصلہ مقدمہ سماعت گواہ ثبوت الیکشن ووٹ امیدوار پارٹی رہنما کارکن جلسہ جلوس ریلی تقریب مہمان خصوصی شرکت اظہار خیال خطاب افتتاح تقسیم انعامات مبارکباد تعزیت دعا مغفرت
35
❦
خبر تفصیل جاری ہے اسلام آباد سرینگر مظفرآباد پاکستان کشمیر حکومت عوام مسئلہ اقوام متحدہ قرارداد آزادی حق خودارادیت بھارت فوج انتظامیہ عدالت حکم وزیراعظم صدر اعلان اجلاس کانفرنس مطالبہ احتجاج شہری علاقہ پولیس گرفتار رہائی بیان پریس رپورٹ تعلیم صحت ترقی منصوبہ بجٹ فنڈز سڑک پل بجلی پانی گیس کسان مزدور طالب علم اساتذہ ہسپتال ڈاکٹر مریض عدالت وکیل جج فیصلہ مقدمہ سماعت گواہ ثبوت الیکشن ووٹ امیدوار پارٹی رہنما کارکن جلسہ جلوس ریلی تقریب مہمان خصوصی شرکت اظہار خیال خطاب افتتاح تقسیم انعامات مبارکباد تعزیت دعا مغفرت
خبر تفصیل جاری ہے اسلام آباد سرینگر مظفرآباد پاکستان کشمیر حکومت عوام مسئلہ اقوام متحدہ قرارداد آزادی حق خودارادیت بھارت فوج انتظامیہ عدالت حکم وزیراعظم صدر اعلان اجلاس کانفرنس مطالبہ احتجاج شہری علاقہ پولیس گرفتار رہائی بیان پریس رپورٹ تعلیم صحت ترقی منصوبہ بجٹ فنڈز سڑک پل بجلی پانی گیس کسان مزدور طالب علم اساتذہ ہسپتال ڈاکٹر مریض عدالت وکیل جج فیصلہ مقدمہ سماعت گواہ ثبوت الیکشن ووٹ امیدوار پارٹی رہنما کارکن جلسہ جلوس ریلی تقریب مہمان خصوصی شرکت اظہار خیال خطاب افتتاح تقسیم انعامات مبارکباد تعزیت دعا مغفرت
36
❦
خبر تفصیل جاری ہے اسلام آباد سرینگر مظفرآباد پاکستان کشمیر حکومت عوام مسئلہ اقوام متحدہ قرارداد آزادی حق خودارادیت بھارت فوج انتظامیہ عدالت حکم وزیراعظم صدر اعلان اجلاس کانفرنس مطالبہ احتجاج شہری علاقہ پولیس گرفتار رہائی بیان پریس رپورٹ تعلیم صحت ترقی منصوبہ بجٹ فنڈز سڑک پل بجلی پانی گیس کسان مزدور طالب علم اساتذہ ہسپتال ڈاکٹر مریض عدالت وکیل جج فیصلہ مقدمہ سماعت گواہ ثبوت الیکشن ووٹ امیدوار پارٹی رہنما کارکن جلسہ جلوس ریلی تقریب مہمان خصوصی شرکت اظہار خیال خطاب افتتاح تقسیم انعامات مبارکباد تعزیت دعا مغفرت
37
❦
خبر تفصیل جاری ہے اسلام آباد سرینگر مظفرآباد پاکستان کشمیر حکومت عوام مسئلہ اقوام متحدہ قرارداد آزادی حق خودارادیت بھارت فوج انتظامیہ عدالت حکم وزیراعظم صدر اعلان اجلاس کانفرنس مطالبہ احتجاج شہری علاقہ پولیس گرفتار رہائی بیان پریس رپورٹ تعلیم صحت ترقی منصوبہ بجٹ فنڈز سڑک پل بجلی پانی گیس کسان مزدور طالب علم اساتذہ ہسپتال ڈاکٹر مریض عدالت وکیل جج فیصلہ مقدمہ سماعت گواہ ثبوت الیکشن ووٹ امیدوار پارٹی رہنما کارکن جلسہ جلوس ریلی تقریب مہمان خصوصی شرکت اظہار خیال خطاب افتتاح تقسیم انعامات مبارکباد تعزیت دعا مغفرت
38
❦
خبر تفصیل جاری ہے اسلام آباد سرینگر مظفرآباد پاکستان کشمیر حکومت عوام مسئلہ اقوام متحدہ قرارداد آزادی حق خودارادیت بھارت فوج انتظامیہ عدالت حکم وزیراعظم صدر اعلان اجلاس کانفرنس مطالبہ احتجاج شہری علاقہ پولیس گرفتار رہائی بیان پریس رپورٹ تعلیم صحت ترقی منصوبہ بجٹ فنڈز سڑک پل بجلی پانی گیس کسان مزدور طالب علم اساتذہ ہسپتال ڈاکٹر مریض عدالت وکیل جج فیصلہ مقدمہ سماعت گواہ ثبوت الیکشن ووٹ امیدوار پارٹی رہنما کارکن جلسہ جلوس ریلی تقریب مہمان خصوصی شرکت اظہار خیال خطاب افتتاح تقسیم انعامات مبارکباد تعزیت دعا مغفرت
39
❦
خبر تفصیل جاری ہے اسلام آباد سرینگر مظفرآباد پاکستان کشمیر حکومت عوام مسئلہ اقوام متحدہ قرارداد آزادی حق خودارادیت بھارت فوج انتظامیہ عدالت حکم وزیراعظم صدر اعلان اجلاس کانفرنس مطالبہ احتجاج شہری علاقہ پولیس گرفتار رہائی بیان پریس رپورٹ تعلیم صحت ترقی منصوبہ بجٹ فنڈز سڑک پل بجلی پانی گیس کسان مزدور طالب علم اساتذہ ہسپتال ڈاکٹر مریض عدالت وکیل جج فیصلہ مقدمہ سماعت گواہ ثبوت الیکشن ووٹ امیدوار پارٹی رہنما کارکن جلسہ جلوس ریلی تقریب مہمان خصوصی شرکت اظہار خیال خطاب افتتاح تقسیم انعامات مبارکباد تعزیت دعا مغفرت
40
❦
خبر تفصیل جاری ہے اسلام آباد سرینگر مظفرآباد پاکستان کشمیر حکومت عوام مسئلہ اقوام متحدہ قرارداد آزادی حق خودارادیت بھارت فوج انتظامیہ عدالت حکم وزیراعظم صدر اعلان اجلاس کانفرنس مطالبہ احتجاج شہری علاقہ پولیس گرفتار رہائی بیان پریس رپورٹ تعلیم صحت ترقی منصوبہ بجٹ فنڈز سڑک پل بجلی پانی گیس کسان مزدور طالب علم اساتذہ ہسپتال ڈاکٹر مریض عدالت وکیل جج فیصلہ مقدمہ سماعت گواہ ثبوت الیکشن ووٹ امیدوار پارٹی رہنما کارکن جلسہ جلوس ریلی تقریب مہمان خصوصی شرکت اظہار خیال خطاب افتتاح تقسیم انعامات مبارکباد تعزیت دعا مغفرت
41
❦
خبر تفصیل جاری ہے اسلام آباد سرینگر مظفرآباد پاکستان کشمیر حکومت عوام مسئلہ اقوام متحدہ قرارداد آزادی حق خودارادیت بھارت فوج انتظامیہ عدالت حکم وزیراعظم صدر اعلان اجلاس کانفرنس مطالبہ احتجاج شہری علاقہ پولیس گرفتار رہائی بیان پریس رپورٹ تعلیم صحت ترقی منصوبہ بجٹ فنڈز سڑک پل بجلی پانی گیس کسان مزدور طالب علم اساتذہ ہسپتال ڈاکٹر مریض عدالت وکیل جج فیصلہ مقدمہ سماعت گواہ ثبوت الیکشن ووٹ امیدوار پارٹی رہنما کارکن جلسہ جلوس ریلی تقریب مہمان خصوصی شرکت اظہار خیال خطاب افتتاح تقسیم انعامات مبارکباد تعزیت دعا مغفرت
42
❦
خبر تفصیل جاری ہے اسلام آباد سرینگر مظفرآباد پاکستان کشمیر حکومت عوام مسئلہ اقوام متحدہ قرارداد آزادی حق خودارادیت بھارت فوج انتظامیہ عدالت حکم وزیراعظم صدر اعلان اجلاس کانفرنس مطالبہ احتجاج شہری علاقہ پولیس گرفتار رہائی بیان پریس رپورٹ تعلیم صحت ترقی منصوبہ بجٹ فنڈز سڑک پل بجلی پانی گیس کسان مزدور طالب علم اساتذہ ہسپتال ڈاکٹر مریض عدالت وکیل جج فیصلہ مقدمہ سماعت گواہ ثبوت الیکشن ووٹ امیدوار پارٹی رہنما کارکن جلسہ جلوس ریلی تقریب مہمان خصوصی شرکت اظہار خیال خطاب افتتاح تقسیم انعامات مبارکباد تعزیت دعا مغفرت
43
❦
خبر تفصیل جاری ہے اسلام آباد سرینگر مظفرآباد پاکستان کشمیر حکومت عوام مسئلہ اقوام متحدہ قرارداد آزادی حق خودارادیت بھارت فوج انتظامیہ عدالت حکم وزیراعظم صدر اعلان اجلاس کانفرنس مطالبہ احتجاج شہری علاقہ پولیس گرفتار رہائی بیان پریس رپورٹ تعلیم صحت ترقی منصوبہ بجٹ فنڈز سڑک پل بجلی پانی گیس کسان مزدور طالب علم اساتذہ ہسپتال ڈاکٹر مریض عدالت وکیل جج فیصلہ مقدمہ سماعت گواہ ثبوت الیکشن ووٹ امیدوار پارٹی رہنما کارکن جلسہ جلوس ریلی تقریب مہمان خصوصی شرکت اظہار خیال خطاب افتتاح تقسیم انعامات مبارکباد تعزیت دعا مغفرت
44
❦
خبر تفصیل جاری ہے اسلام آباد سرینگر مظفرآباد پاکستان کشمیر حکومت عوام مسئلہ اقوام متحدہ قرارداد آزادی حق خودارادیت بھارت فوج انتظامیہ عدالت حکم وزیراعظم صدر اعلان اجلاس کانفرنس مطالبہ احتجاج شہری علاقہ پولیس گرفتار رہائی بیان پریس رپورٹ تعلیم صحت ترقی منصوبہ بجٹ فنڈز سڑک پل بجلی پانی گیس کسان مزدور طالب علم اساتذہ ہسپتال ڈاکٹر مریض عدالت وکیل جج فیصلہ مقدمہ سماعت گواہ ثبوت الیکشن ووٹ امیدوار پارٹی رہنما کارکن جلسہ جلوس ریلی تقریب مہمان خصوصی شرکت اظہار خیال خطاب افتتاح تقسیم انعامات مبارکباد تعزیت دعا مغفرت
خبر تفصیل جاری ہے اسلام آباد سرینگر مظفرآباد پاکستان کشمیر حکومت عوام مسئلہ اقوام متحدہ قرارداد آزادی حق خودارادیت بھارت فوج انتظامیہ عدالت حکم وزیراعظم صدر اعلان اجلاس کانفرنس مطالبہ احتجاج شہری علاقہ پولیس گرفتار رہائی بیان پریس رپورٹ تعلیم صحت ترقی منصوبہ بجٹ فنڈز سڑک پل بجلی پانی گیس کسان مزدور طالب علم اساتذہ ہسپتال ڈاکٹر مریض عدالت وکیل جج فیصلہ مقدمہ سماعت گواہ ثبوت الیکشن ووٹ امیدوار پارٹی رہنما کارکن جلسہ جلوس ریلی تقریب مہمان خصوصی شرکت اظہار خیال خطاب افتتاح تقسیم انعامات مبارکباد تعزیت دعا مغفرت
45
❦
خبر تفصیل جاری ہے اسلام آباد سرینگر مظفرآباد پاکستان کشمیر حکومت عوام مسئلہ اقوام متحدہ قرارداد آزادی حق خودارادیت بھارت فوج انتظامیہ عدالت حکم وزیراعظم صدر اعلان اجلاس کانفرنس مطالبہ احتجاج شہری علاقہ پولیس گرفتار رہائی بیان پریس رپورٹ تعلیم صحت ترقی منصوبہ بجٹ فنڈز سڑک پل بجلی پانی گیس کسان مزدور طالب علم اساتذہ ہسپتال ڈاکٹر مریض عدالت وکیل جج فیصلہ مقدمہ سماعت گواہ ثبوت الیکشن ووٹ امیدوار پارٹی رہنما کارکن جلسہ جلوس ریلی تقریب مہمان خصوصی شرکت اظہار خیال خطاب افتتاح تقسیم انعامات مبارکباد تعزیت دعا مغفرت
46
❦
خبر تفصیل جاری ہے اسلام آباد سرینگر مظفرآباد پاکستان کشمیر حکومت عوام مسئلہ اقوام متحدہ قرارداد آزادی حق خودارادیت بھارت فوج انتظامیہ عدالت حکم وزیراعظم صدر اعلان اجلاس کانفرنس مطالبہ احتجاج شہری علاقہ پولیس گرفتار رہائی بیان پریس رپورٹ تعلیم صحت ترقی منصوبہ بجٹ فنڈز سڑک پل بجلی پانی گیس کسان مزدور طالب علم اساتذہ ہسپتال ڈاکٹر مریض عدالت وکیل جج فیصلہ مقدمہ سماعت گواہ ثبوت الیکشن ووٹ امیدوار پارٹی رہنما کارکن جلسہ جلوس ریلی تقریب مہمان خصوصی شرکت اظہار خیال خطاب افتتاح تقسیم انعامات مبارکباد تعزیت دعا مغفرت
47
❦
خبر تفصیل جاری ہے اسلام آباد سرینگر مظفرآباد پاکستان کشمیر حکومت عوام مسئلہ اقوام متحدہ قرارداد آزادی حق خودارادیت بھارت فوج انتظامیہ عدالت حکم وزیراعظم صدر اعلان اجلاس کانفرنس مطالبہ احتجاج شہری علاقہ پولیس گرفتار رہائی بیان پریس رپورٹ تعلیم صحت ترقی منصوبہ بجٹ فنڈز سڑک پل بجلی پانی گیس کسان مزدور طالب علم اساتذہ ہسپتال ڈاکٹر مریض عدالت وکیل جج فیصلہ مقدمہ سماعت گواہ ثبوت الیکشن ووٹ امیدوار پارٹی رہنما کارکن جلسہ جلوس ریلی تقریب مہمان خصوصی شرکت اظہار خیال خطاب افتتاح تقسیم انعامات مبارکباد تعزیت دعا مغفرت
48
❦
خبر تفصیل جاری ہے اسلام آباد سرینگر مظفرآباد پاکستان کشمیر حکومت عوام مسئلہ اقوام متحدہ قرارداد آزادی حق خودارادیت بھارت فوج انتظامیہ عدالت حکم وزیراعظم صدر اعلان اجلاس کانفرنس مطالبہ احتجاج شہری علاقہ پولیس گرفتار رہائی بیان پریس رپورٹ تعلیم صحت ترقی منصوبہ بجٹ فنڈز سڑک پل بجلی پانی گیس کسان مزدور طالب علم اساتذہ ہسپتال ڈاکٹر مریض عدالت وکیل جج فیصلہ مقدمہ سماعت گواہ ثبوت الیکشن ووٹ امیدوار پارٹی رہنما کارکن جلسہ جلوس ریلی تقریب مہمان خصوصی شرکت اظہار خیال خطاب افتتاح تقسیم انعامات مبارکباد تعزیت دعا مغفرت
49
❦
خبر تفصیل جاری ہے اسلام آباد سرینگر مظفرآباد پاکستان کشمیر حکومت عوام مسئلہ اقوام متحدہ قرارداد آزادی حق خودارادیت بھارت فوج انتظامیہ عدالت حکم وزیراعظم صدر اعلان اجلاس کانفرنس مطالبہ احتجاج شہری علاقہ پولیس گرفتار رہائی بیان پریس رپورٹ تعلیم صحت ترقی منصوبہ بجٹ فنڈز سڑک پل بجلی پانی گیس کسان مزدور طالب علم اساتذہ ہسپتال ڈاکٹر مریض عدالت وکیل جج فیصلہ مقدمہ سماعت گواہ ثبوت الیکشن ووٹ امیدوار پارٹی رہنما کارکن جلسہ جلوس ریلی تقریب مہمان خصوصی شرکت اظہار خیال خطاب افتتاح تقسیم انعامات مبارکباد تعزیت دعا مغفرت
خبر تفصیل جاری ہے اسلام آباد سرینگر مظفرآباد پاکستان کشمیر حکومت عوام مسئلہ اقوام متحدہ قرارداد آزادی حق خودارادیت بھارت فوج انتظامیہ عدالت حکم وزیراعظم صدر اعلان اجلاس کانفرنس مطالبہ احتجاج شہری علاقہ پولیس گرفتار رہائی بیان پریس رپورٹ تعلیم صحت ترقی منصوبہ بجٹ فنڈز سڑک پل بجلی پانی گیس کسان مزدور طالب علم اساتذہ ہسپتال ڈاکٹر مریض عدالت وکیل جج فیصلہ مقدمہ سماعت گواہ ثبوت الیکشن ووٹ امیدوار پارٹی رہنما کارکن جلسہ جلوس ریلی تقریب مہمان خصوصی شرکت اظہار خیال خطاب افتتاح تقسیم انعامات مبارکباد تعزیت دعا مغفرت
50
❦
خبر تفصیل جاری ہے اسلام آباد سرینگر مظفرآباد پاکستان کشمیر حکومت عوام مسئلہ اقوام متحدہ قرارداد آزادی حق خودارادیت بھارت فوج انتظامیہ عدالت حکم وزیراعظم صدر اعلان اجلاس کانفرنس مطالبہ احتجاج شہری علاقہ پولیس گرفتار رہائی بیان پریس رپورٹ تعلیم صحت ترقی منصوبہ بجٹ فنڈز سڑک پل بجلی پانی گیس کسان مزدور طالب علم اساتذہ ہسپتال ڈاکٹر مریض عدالت وکیل جج فیصلہ مقدمہ سماعت گواہ ثبوت الیکشن ووٹ امیدوار پارٹی رہنما کارکن جلسہ جلوس ریلی تقریب مہمان خصوصی شرکت اظہار خیال خطاب افتتاح تقسیم انعامات مبارکباد تعزیت دعا مغفرت
51
❦
خبر تفصیل جاری ہے اسلام آباد سرینگر مظفرآباد پاکستان کشمیر حکومت عوام مسئلہ اقوام متحدہ قرارداد آزادی حق خودارادیت بھارت فوج انتظامیہ عدالت حکم وزیراعظم صدر اعلان اجلاس کانفرنس مطالبہ احتجاج شہری علاقہ پولیس گرفتار رہائی بیان پریس رپورٹ تعلیم صحت ترقی منصوبہ بجٹ فنڈز سڑک پل بجلی پانی گیس کسان مزدور طالب علم اساتذہ ہسپتال ڈاکٹر مریض عدالت وکیل جج فیصلہ مقدمہ سماعت گواہ ثبوت الیکشن ووٹ امیدوار پارٹی رہنما کارکن جلسہ جلوس ریلی تقریب مہمان خصوصی شرکت اظہار خیال خطاب افتتاح تقسیم انعامات مبارکباد تعزیت دعا مغفرت
52
❦
خبر تفصیل جاری ہے اسلام آباد سرینگر مظفرآباد پاکستان کشمیر حکومت عوام مسئلہ اقوام متحدہ قرارداد آزادی حق خودارادیت بھارت فوج انتظامیہ عدالت حکم وزیراعظم صدر اعلان اجلاس کانفرنس مطالبہ احتجاج شہری علاقہ پولیس گرفتار رہائی بیان پریس رپورٹ تعلیم صحت ترقی منصوبہ بجٹ فنڈز سڑک پل بجلی پانی گیس کسان مزدور طالب علم اساتذہ ہسپتال ڈاکٹر مریض عدالت وکیل جج فیصلہ مقدمہ سماعت گواہ ثبوت الیکشن ووٹ امیدوار پارٹی رہنما کارکن جلسہ جلوس ریلی تقریب مہمان خصوصی شرکت اظہار خیال خطاب افتتاح تقسیم انعامات مبارکباد تعزیت دعا مغفرت
53
❦
خبر تفصیل جاری ہے اسلام آباد سرینگر مظفرآباد پاکستان کشمیر حکومت عوام مسئلہ اقوام متحدہ قرارداد آزادی حق خودارادیت بھارت فوج انتظامیہ عدالت حکم وزیراعظم صدر اعلان اجلاس کانفرنس مطالبہ احتجاج شہری علاقہ پولیس گرفتار رہائی بیان پریس رپورٹ تعلیم صحت ترقی منصوبہ بجٹ فنڈز سڑک پل بجلی پانی گیس کسان مزدور طالب علم اساتذہ ہسپتال ڈاکٹر مریض عدالت وکیل جج فیصلہ مقدمہ سماعت گواہ ثبوت الیکشن ووٹ امیدوار پارٹی رہنما کارکن جلسہ جلوس ریلی تقریب مہمان خصوصی شرکت اظہار خیال خطاب افتتاح تقسیم انعامات مبارکباد تعزیت دعا مغفرت
54
❦
خبر تفصیل جاری ہے اسلام آباد سرینگر مظفرآباد پاکستان کشمیر حکومت عوام مسئلہ اقوام متحدہ قرارداد آزادی حق خودارادیت بھارت فوج انتظامیہ عدالت حکم وزیراعظم صدر اعلان اجلاس کانفرنس مطالبہ احتجاج شہری علاقہ پولیس گرفتار رہائی بیان پریس رپورٹ تعلیم صحت ترقی منصوبہ بجٹ فنڈز سڑک پل بجلی پانی گیس کسان مزدور طالب علم اساتذہ ہسپتال ڈاکٹر مریض عدالت وکیل جج فیصلہ مقدمہ سماعت گواہ ثبوت الیکشن ووٹ امیدوار پارٹی رہنما کارکن جلسہ جلوس ریلی تقریب مہمان خصوصی شرکت اظہار خیال خطاب افتتاح تقسیم انعامات مبارکباد تعزیت دعا مغفرت
55
❦
خبر تفصیل جاری ہے اسلام آباد سرینگر مظفرآباد پاکستان کشمیر حکومت عوام مسئلہ اقوام متحدہ قرارداد آزادی حق خودارادیت بھارت فوج انتظامیہ عدالت حکم وزیراعظم صدر اعلان اجلاس کانفرنس مطالبہ احتجاج شہری علاقہ پولیس گرفتار رہائی بیان پریس رپورٹ تعلیم صحت ترقی منصوبہ بجٹ فنڈز سڑک پل بجلی پانی گیس کسان مزدور طالب علم اساتذہ ہسپتال ڈاکٹر مریض عدالت وکیل جج فیصلہ مقدمہ سماعت گواہ ثبوت الیکشن ووٹ امیدوار پارٹی رہنما کارکن جلسہ جلوس ریلی تقریب مہمان خصوصی شرکت اظہار خیال خطاب افتتاح تقسیم انعامات مبارکباد تعزیت دعا مغفرت
